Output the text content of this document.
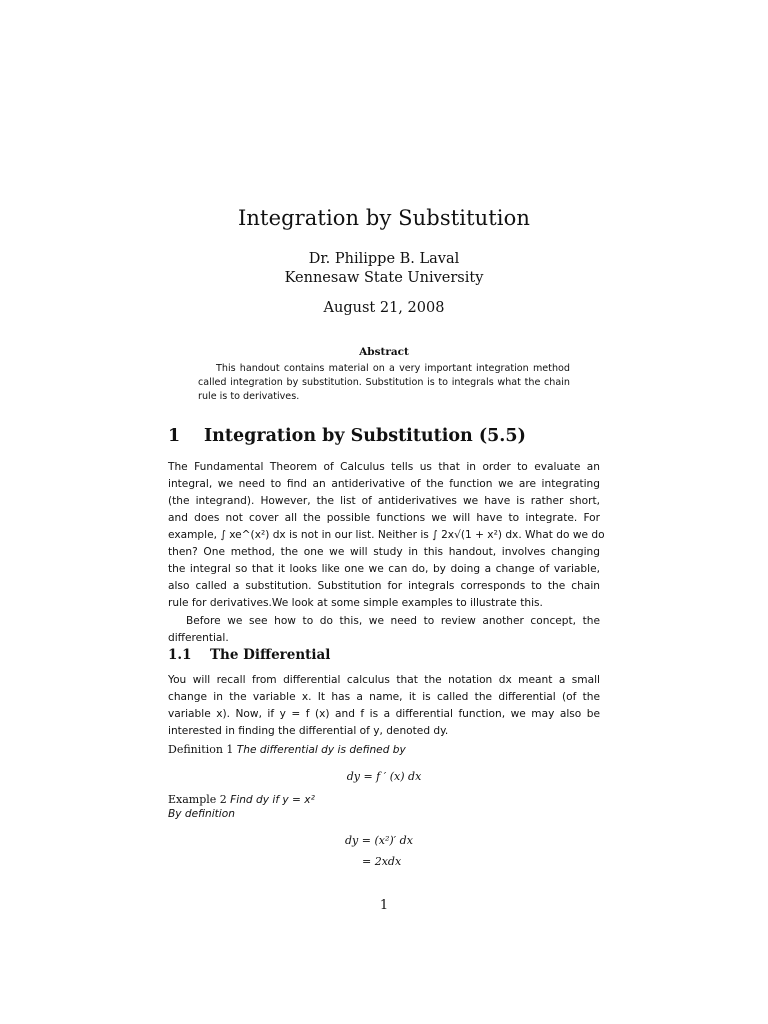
Integration by Substitution
Dr. Philippe B. Laval
Kennesaw State University
August 21, 2008
Abstract
This handout contains material on a very important integration method called integration by substitution. Substitution is to integrals what the chain rule is to derivatives.
1 Integration by Substitution (5.5)
The Fundamental Theorem of Calculus tells us that in order to evaluate an
integral, we need to find an antiderivative of the function we are integrating
(the integrand). However, the list of antiderivatives we have is rather short,
and does not cover all the possible functions we will have to integrate. For
example, ∫ xe^(x²) dx is not in our list. Neither is ∫ 2x√(1 + x²) dx. What do we do
then? One method, the one we will study in this handout, involves changing
the integral so that it looks like one we can do, by doing a change of variable,
also called a substitution. Substitution for integrals corresponds to the chain
rule for derivatives.We look at some simple examples to illustrate this.
Before we see how to do this, we need to review another concept, the differential.
1.1 The Differential
You will recall from differential calculus that the notation dx meant a small
change in the variable x. It has a name, it is called the differential (of the
variable x). Now, if y = f (x) and f is a differential function, we may also be
interested in finding the differential of y, denoted dy.
Definition 1 The differential dy is defined by
dy = f ′ (x) dx
Example 2 Find dy if y = x²
By definition
dy = (x²)′ dx
= 2xdx
1
